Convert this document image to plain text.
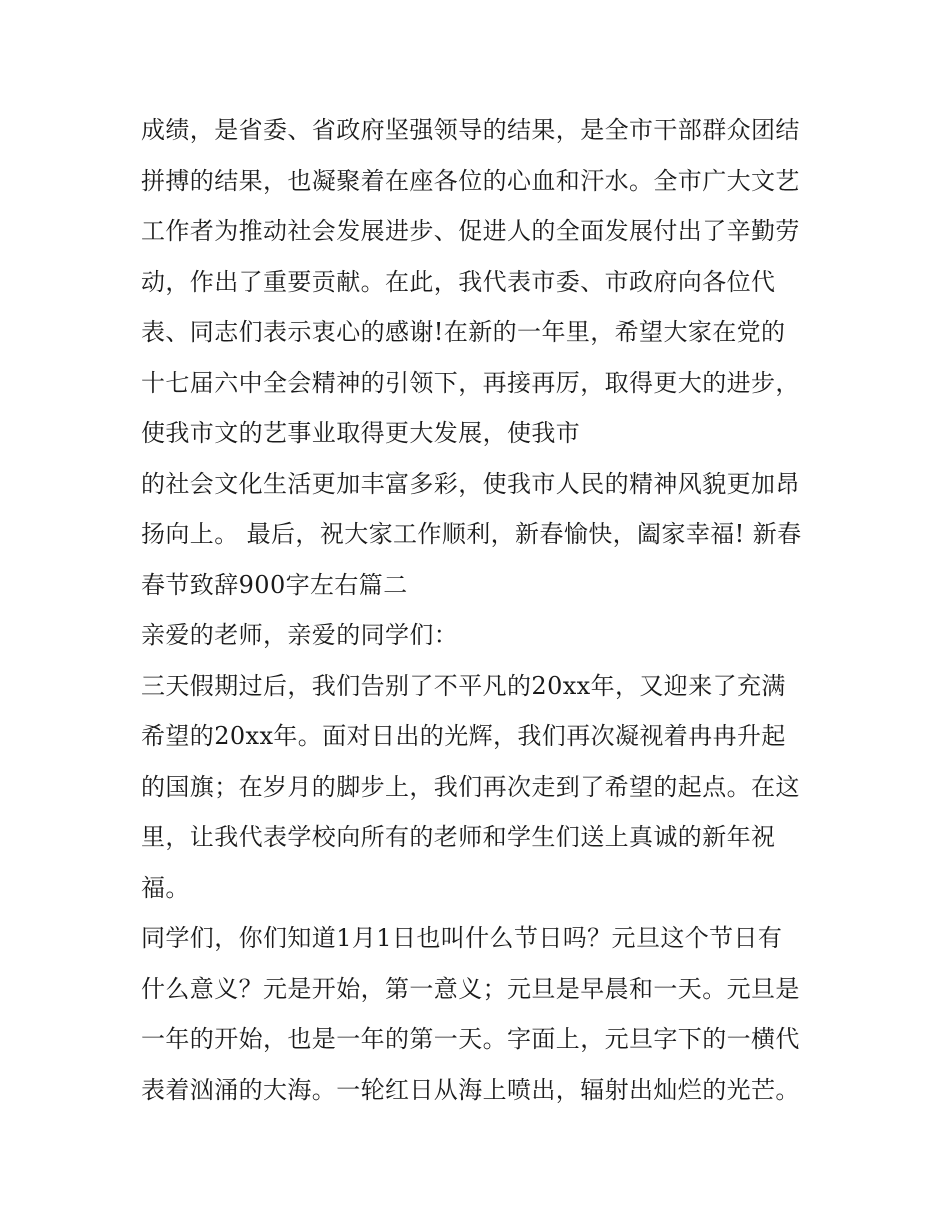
成绩，是省委、省政府坚强领导的结果，是全市干部群众团结
拼搏的结果，也凝聚着在座各位的心血和汗水。全市广大文艺
工作者为推动社会发展进步、促进人的全面发展付出了辛勤劳
动，作出了重要贡献。在此，我代表市委、市政府向各位代
表、同志们表示衷心的感谢!在新的一年里，希望大家在党的
十七届六中全会精神的引领下，再接再厉，取得更大的进步，
使我市文的艺事业取得更大发展，使我市
的社会文化生活更加丰富多彩，使我市人民的精神风貌更加昂
扬向上。 最后，祝大家工作顺利，新春愉快，阖家幸福! 新春
春节致辞900字左右篇二
亲爱的老师，亲爱的同学们：
三天假期过后，我们告别了不平凡的20xx年，又迎来了充满
希望的20xx年。面对日出的光辉，我们再次凝视着冉冉升起
的国旗；在岁月的脚步上，我们再次走到了希望的起点。在这
里，让我代表学校向所有的老师和学生们送上真诚的新年祝
福。
同学们，你们知道1月1日也叫什么节日吗？元旦这个节日有
什么意义？元是开始，第一意义；元旦是早晨和一天。元旦是
一年的开始，也是一年的第一天。字面上，元旦字下的一横代
表着汹涌的大海。一轮红日从海上喷出，辐射出灿烂的光芒。
